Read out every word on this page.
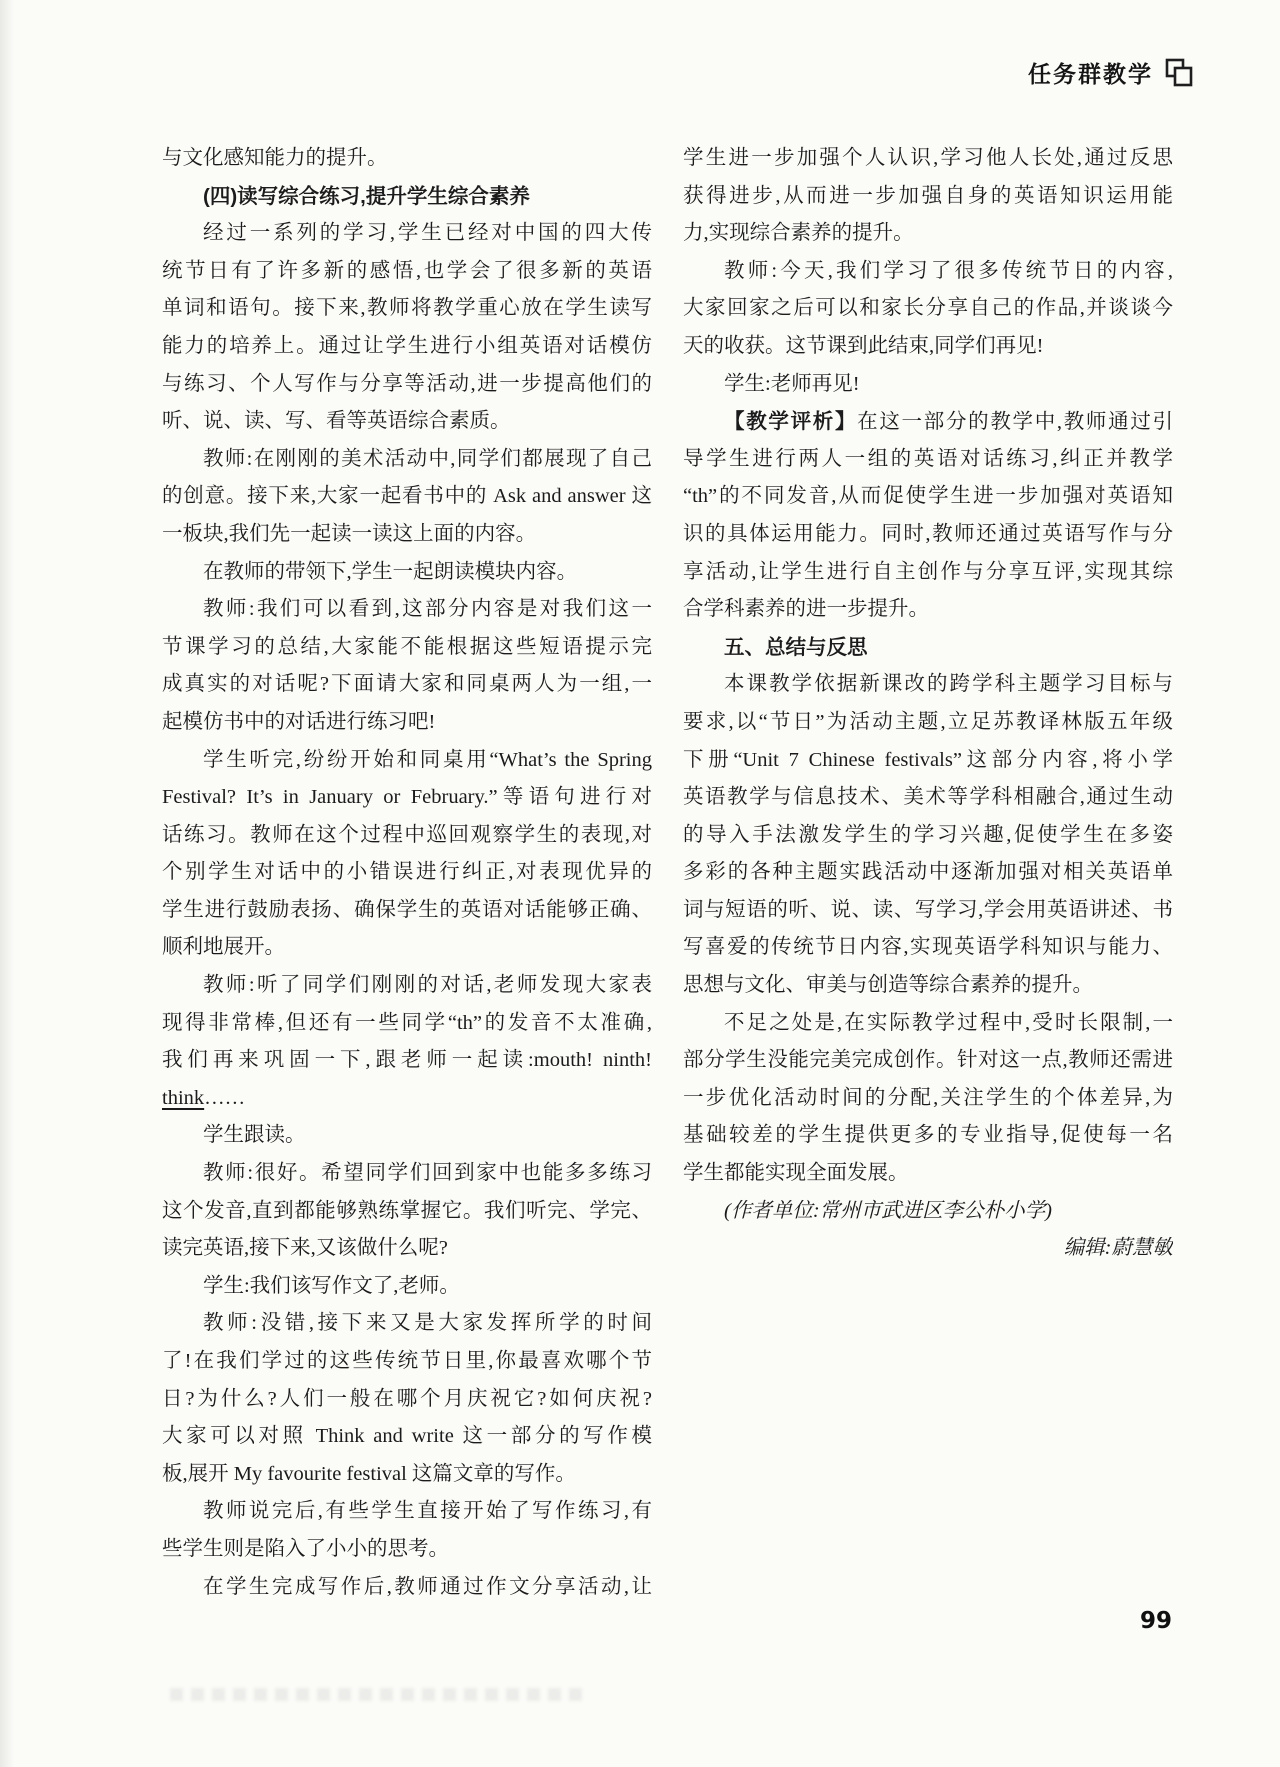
任务群教学
与文化感知能力的提升。
(四)读写综合练习,提升学生综合素养
经过一系列的学习,学生已经对中国的四大传
统节日有了许多新的感悟,也学会了很多新的英语
单词和语句。接下来,教师将教学重心放在学生读写
能力的培养上。通过让学生进行小组英语对话模仿
与练习、个人写作与分享等活动,进一步提高他们的
听、说、读、写、看等英语综合素质。
教师:在刚刚的美术活动中,同学们都展现了自己
的创意。接下来,大家一起看书中的 Ask and answer 这
一板块,我们先一起读一读这上面的内容。
在教师的带领下,学生一起朗读模块内容。
教师:我们可以看到,这部分内容是对我们这一
节课学习的总结,大家能不能根据这些短语提示完
成真实的对话呢?下面请大家和同桌两人为一组,一
起模仿书中的对话进行练习吧!
学生听完,纷纷开始和同桌用“What’s the Spring
Festival? It’s in January or February.”等语句进行对
话练习。教师在这个过程中巡回观察学生的表现,对
个别学生对话中的小错误进行纠正,对表现优异的
学生进行鼓励表扬、确保学生的英语对话能够正确、
顺利地展开。
教师:听了同学们刚刚的对话,老师发现大家表
现得非常棒,但还有一些同学“th”的发音不太准确,
我们再来巩固一下,跟老师一起读:mouth! ninth!
think……
学生跟读。
教师:很好。希望同学们回到家中也能多多练习
这个发音,直到都能够熟练掌握它。我们听完、学完、
读完英语,接下来,又该做什么呢?
学生:我们该写作文了,老师。
教师:没错,接下来又是大家发挥所学的时间
了!在我们学过的这些传统节日里,你最喜欢哪个节
日?为什么?人们一般在哪个月庆祝它?如何庆祝?
大家可以对照 Think and write 这一部分的写作模
板,展开 My favourite festival 这篇文章的写作。
教师说完后,有些学生直接开始了写作练习,有
些学生则是陷入了小小的思考。
在学生完成写作后,教师通过作文分享活动,让
学生进一步加强个人认识,学习他人长处,通过反思
获得进步,从而进一步加强自身的英语知识运用能
力,实现综合素养的提升。
教师:今天,我们学习了很多传统节日的内容,
大家回家之后可以和家长分享自己的作品,并谈谈今
天的收获。这节课到此结束,同学们再见!
学生:老师再见!
【教学评析】在这一部分的教学中,教师通过引
导学生进行两人一组的英语对话练习,纠正并教学
“th”的不同发音,从而促使学生进一步加强对英语知
识的具体运用能力。同时,教师还通过英语写作与分
享活动,让学生进行自主创作与分享互评,实现其综
合学科素养的进一步提升。
五、总结与反思
本课教学依据新课改的跨学科主题学习目标与
要求,以“节日”为活动主题,立足苏教译林版五年级
下册“Unit 7 Chinese festivals”这部分内容,将小学
英语教学与信息技术、美术等学科相融合,通过生动
的导入手法激发学生的学习兴趣,促使学生在多姿
多彩的各种主题实践活动中逐渐加强对相关英语单
词与短语的听、说、读、写学习,学会用英语讲述、书
写喜爱的传统节日内容,实现英语学科知识与能力、
思想与文化、审美与创造等综合素养的提升。
不足之处是,在实际教学过程中,受时长限制,一
部分学生没能完美完成创作。针对这一点,教师还需进
一步优化活动时间的分配,关注学生的个体差异,为
基础较差的学生提供更多的专业指导,促使每一名
学生都能实现全面发展。
(作者单位:常州市武进区李公朴小学)
编辑:蔚慧敏
99
